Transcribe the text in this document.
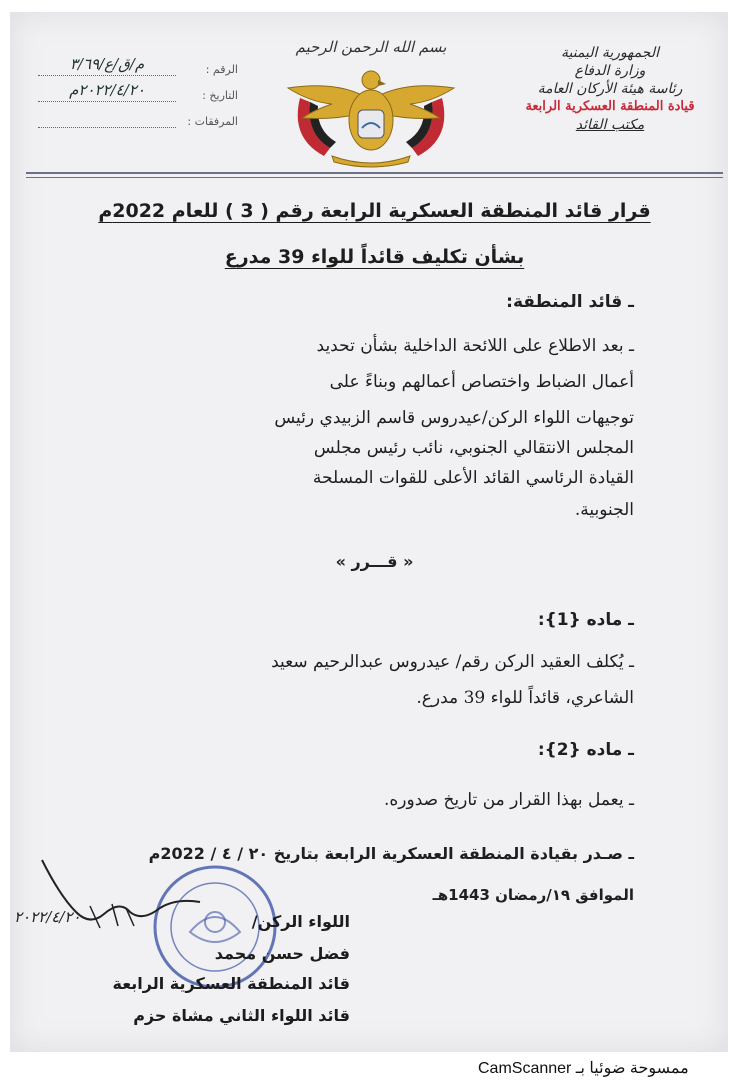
الجمهورية اليمنية
وزارة الدفاع
رئاسة هيئة الأركان العامة
قيادة المنطقة العسكرية الرابعة
مكتب القائد
بسم الله الرحمن الرحيم
الرقم :
م/ق/ع/٣/٦٩
التاريخ :
٢٠٢٢/٤/٢٠م
المرفقات :
قرار قائد المنطقة العسكرية الرابعة رقم ( 3 ) للعام 2022م
بشأن تكليف قائداً للواء 39 مدرع
ـ قائد المنطقة:
ـ بعد الاطلاع على اللائحة الداخلية بشأن تحديد
أعمال الضباط واختصاص أعمالهم وبناءً على
توجيهات اللواء الركن/عيدروس قاسم الزبيدي رئيس
المجلس الانتقالي الجنوبي، نائب رئيس مجلس
القيادة الرئاسي القائد الأعلى للقوات المسلحة
الجنوبية.
« قـــرر »
ـ ماده {1}:
ـ يُكلف العقيد الركن رقم/ عيدروس عبدالرحيم سعيد
الشاعري، قائداً للواء 39 مدرع.
ـ ماده {2}:
ـ يعمل بهذا القرار من تاريخ صدوره.
ـ صـدر بقيادة المنطقة العسكرية الرابعة بتاريخ ٢٠ / ٤ / 2022م
الموافق ١٩/رمضان 1443هـ
٢٠٢٢/٤/٢٠	اللواء الركن/
فضل حسن محمد
قائد المنطقة العسكرية الرابعة
قائد اللواء الثاني مشاة حزم
CamScanner ممسوحة ضوئيا بـ
